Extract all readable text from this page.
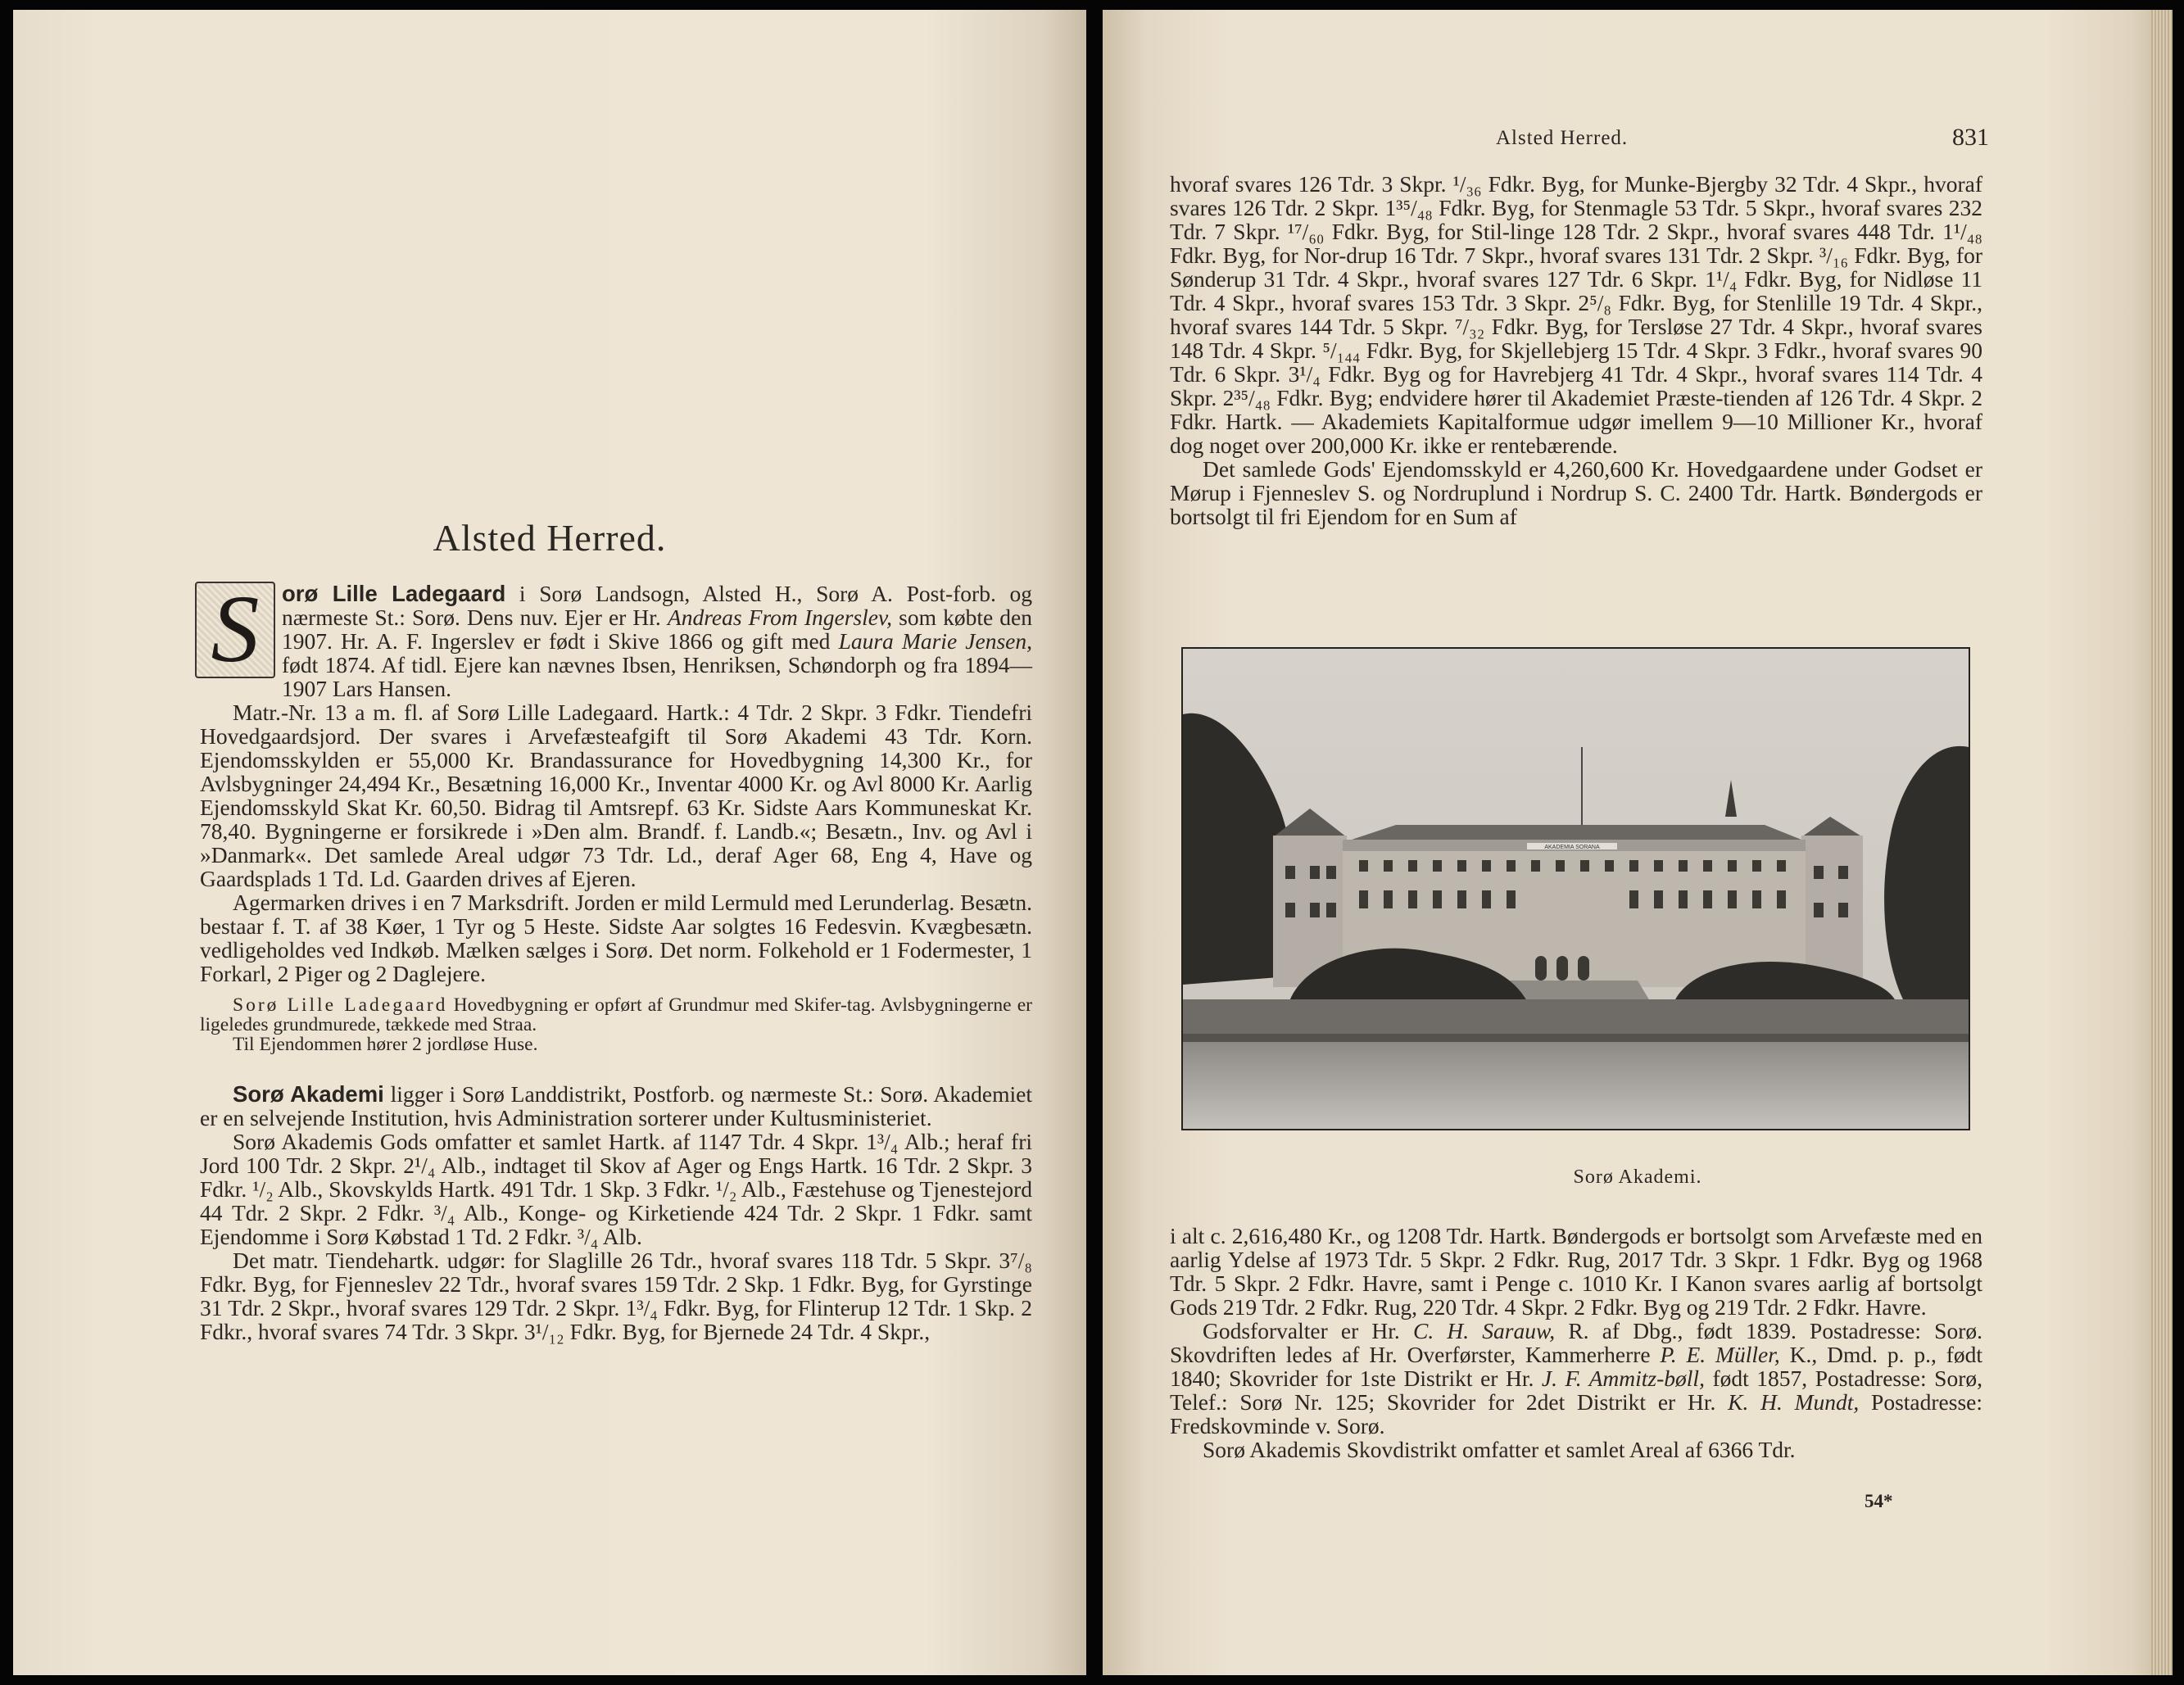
Alsted Herred.

S	orø Lille Ladegaard i Sorø Landsogn, Alsted H., Sorø A. Post-forb. og nærmeste St.: Sorø. Dens nuv. Ejer er Hr. Andreas From Ingerslev, som købte den 1907. Hr. A. F. Ingerslev er født i Skive 1866 og gift med Laura Marie Jensen, født 1874. Af tidl. Ejere kan nævnes Ibsen, Henriksen, Schøndorph og fra 1894—1907 Lars Hansen.

Matr.-Nr. 13 a m. fl. af Sorø Lille Ladegaard. Hartk.: 4 Tdr. 2 Skpr. 3 Fdkr. Tiendefri Hovedgaardsjord. Der svares i Arvefæsteafgift til Sorø Akademi 43 Tdr. Korn. Ejendomsskylden er 55,000 Kr. Brandassurance for Hovedbygning 14,300 Kr., for Avlsbygninger 24,494 Kr., Besætning 16,000 Kr., Inventar 4000 Kr. og Avl 8000 Kr. Aarlig Ejendomsskyld Skat Kr. 60,50. Bidrag til Amtsrepf. 63 Kr. Sidste Aars Kommuneskat Kr. 78,40. Bygningerne er forsikrede i »Den alm. Brandf. f. Landb.«; Besætn., Inv. og Avl i »Danmark«. Det samlede Areal udgør 73 Tdr. Ld., deraf Ager 68, Eng 4, Have og Gaardsplads 1 Td. Ld. Gaarden drives af Ejeren.

Agermarken drives i en 7 Marksdrift. Jorden er mild Lermuld med Lerunderlag. Besætn. bestaar f. T. af 38 Køer, 1 Tyr og 5 Heste. Sidste Aar solgtes 16 Fedesvin. Kvægbesætn. vedligeholdes ved Indkøb. Mælken sælges i Sorø. Det norm. Folkehold er 1 Fodermester, 1 Forkarl, 2 Piger og 2 Daglejere.

Sorø Lille Ladegaard Hovedbygning er opført af Grundmur med Skifer-tag. Avlsbygningerne er ligeledes grundmurede, tækkede med Straa.

Til Ejendommen hører 2 jordløse Huse.

Sorø Akademi ligger i Sorø Landdistrikt, Postforb. og nærmeste St.: Sorø. Akademiet er en selvejende Institution, hvis Administration sorterer under Kultusministeriet.

Sorø Akademis Gods omfatter et samlet Hartk. af 1147 Tdr. 4 Skpr. 1³/₄ Alb.; heraf fri Jord 100 Tdr. 2 Skpr. 2¹/₄ Alb., indtaget til Skov af Ager og Engs Hartk. 16 Tdr. 2 Skpr. 3 Fdkr. ¹/₂ Alb., Skovskylds Hartk. 491 Tdr. 1 Skp. 3 Fdkr. ¹/₂ Alb., Fæstehuse og Tjenestejord 44 Tdr. 2 Skpr. 2 Fdkr. ³/₄ Alb., Konge- og Kirketiende 424 Tdr. 2 Skpr. 1 Fdkr. samt Ejendomme i Sorø Købstad 1 Td. 2 Fdkr. ³/₄ Alb.

Det matr. Tiendehartk. udgør: for Slaglille 26 Tdr., hvoraf svares 118 Tdr. 5 Skpr. 3⁷/₈ Fdkr. Byg, for Fjenneslev 22 Tdr., hvoraf svares 159 Tdr. 2 Skp. 1 Fdkr. Byg, for Gyrstinge 31 Tdr. 2 Skpr., hvoraf svares 129 Tdr. 2 Skpr. 1³/₄ Fdkr. Byg, for Flinterup 12 Tdr. 1 Skp. 2 Fdkr., hvoraf svares 74 Tdr. 3 Skpr. 3¹/₁₂ Fdkr. Byg, for Bjernede 24 Tdr. 4 Skpr.,

Alsted Herred.	831

hvoraf svares 126 Tdr. 3 Skpr. ¹/₃₆ Fdkr. Byg, for Munke-Bjergby 32 Tdr. 4 Skpr., hvoraf svares 126 Tdr. 2 Skpr. 1³⁵/₄₈ Fdkr. Byg, for Stenmagle 53 Tdr. 5 Skpr., hvoraf svares 232 Tdr. 7 Skpr. ¹⁷/₆₀ Fdkr. Byg, for Stil-linge 128 Tdr. 2 Skpr., hvoraf svares 448 Tdr. 1¹/₄₈ Fdkr. Byg, for Nor-drup 16 Tdr. 7 Skpr., hvoraf svares 131 Tdr. 2 Skpr. ³/₁₆ Fdkr. Byg, for Sønderup 31 Tdr. 4 Skpr., hvoraf svares 127 Tdr. 6 Skpr. 1¹/₄ Fdkr. Byg, for Nidløse 11 Tdr. 4 Skpr., hvoraf svares 153 Tdr. 3 Skpr. 2⁵/₈ Fdkr. Byg, for Stenlille 19 Tdr. 4 Skpr., hvoraf svares 144 Tdr. 5 Skpr. ⁷/₃₂ Fdkr. Byg, for Tersløse 27 Tdr. 4 Skpr., hvoraf svares 148 Tdr. 4 Skpr. ⁵/₁₄₄ Fdkr. Byg, for Skjellebjerg 15 Tdr. 4 Skpr. 3 Fdkr., hvoraf svares 90 Tdr. 6 Skpr. 3¹/₄ Fdkr. Byg og for Havrebjerg 41 Tdr. 4 Skpr., hvoraf svares 114 Tdr. 4 Skpr. 2³⁵/₄₈ Fdkr. Byg; endvidere hører til Akademiet Præste-tienden af 126 Tdr. 4 Skpr. 2 Fdkr. Hartk. — Akademiets Kapitalformue udgør imellem 9—10 Millioner Kr., hvoraf dog noget over 200,000 Kr. ikke er rentebærende.

Det samlede Gods' Ejendomsskyld er 4,260,600 Kr. Hovedgaardene under Godset er Mørup i Fjenneslev S. og Nordruplund i Nordrup S. C. 2400 Tdr. Hartk. Bøndergods er bortsolgt til fri Ejendom for en Sum af

AKADEMIA SORANA
Sorø Akademi.

i alt c. 2,616,480 Kr., og 1208 Tdr. Hartk. Bøndergods er bortsolgt som Arvefæste med en aarlig Ydelse af 1973 Tdr. 5 Skpr. 2 Fdkr. Rug, 2017 Tdr. 3 Skpr. 1 Fdkr. Byg og 1968 Tdr. 5 Skpr. 2 Fdkr. Havre, samt i Penge c. 1010 Kr. I Kanon svares aarlig af bortsolgt Gods 219 Tdr. 2 Fdkr. Rug, 220 Tdr. 4 Skpr. 2 Fdkr. Byg og 219 Tdr. 2 Fdkr. Havre.

Godsforvalter er Hr. C. H. Sarauw, R. af Dbg., født 1839. Postadresse: Sorø. Skovdriften ledes af Hr. Overførster, Kammerherre P. E. Müller, K., Dmd. p. p., født 1840; Skovrider for 1ste Distrikt er Hr. J. F. Ammitz-bøll, født 1857, Postadresse: Sorø, Telef.: Sorø Nr. 125; Skovrider for 2det Distrikt er Hr. K. H. Mundt, Postadresse: Fredskovminde v. Sorø.

Sorø Akademis Skovdistrikt omfatter et samlet Areal af 6366 Tdr.

54*
